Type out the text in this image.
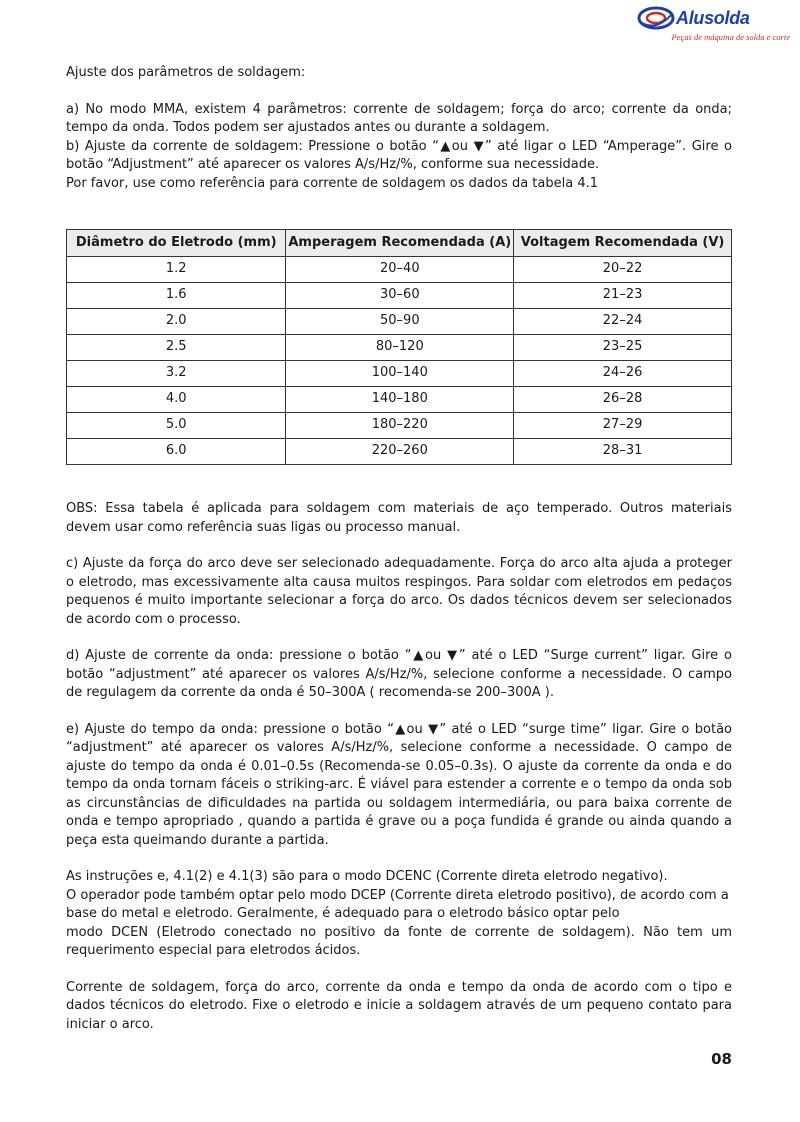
Alusolda
Peças de máquina de solda e corte

Ajuste dos parâmetros de soldagem:

a) No modo MMA, existem 4 parâmetros: corrente de soldagem; força do arco; corrente da onda; tempo da onda. Todos podem ser ajustados antes ou durante a soldagem.

b) Ajuste da corrente de soldagem: Pressione o botão “▲ou ▼” até ligar o LED “Amperage”. Gire o botão “Adjustment” até aparecer os valores A/s/Hz/%, conforme sua necessidade.

Por favor, use como referência para corrente de soldagem os dados da tabela 4.1

Diâmetro do Eletrodo (mm)	Amperagem Recomendada (A)	Voltagem Recomendada (V)
1.2	20–40	20–22
1.6	30–60	21–23
2.0	50–90	22–24
2.5	80–120	23–25
3.2	100–140	24–26
4.0	140–180	26–28
5.0	180–220	27–29
6.0	220–260	28–31

OBS: Essa tabela é aplicada para soldagem com materiais de aço temperado. Outros materiais devem usar como referência suas ligas ou processo manual.

c) Ajuste da força do arco deve ser selecionado adequadamente. Força do arco alta ajuda a proteger o eletrodo, mas excessivamente alta causa muitos respingos. Para soldar com eletrodos em pedaços pequenos é muito importante selecionar a força do arco. Os dados técnicos devem ser selecionados de acordo com o processo.

d) Ajuste de corrente da onda: pressione o botão “▲ou ▼” até o LED “Surge current” ligar. Gire o botão “adjustment” até aparecer os valores A/s/Hz/%, selecione conforme a necessidade. O campo de regulagem da corrente da onda é 50–300A ( recomenda-se 200–300A ).

e) Ajuste do tempo da onda: pressione o botão “▲ou ▼” até o LED “surge time” ligar. Gire o botão “adjustment” até aparecer os valores A/s/Hz/%, selecione conforme a necessidade. O campo de ajuste do tempo da onda é 0.01–0.5s (Recomenda-se 0.05–0.3s). O ajuste da corrente da onda e do tempo da onda tornam fáceis o striking-arc. É viável para estender a corrente e o tempo da onda sob as circunstâncias de dificuldades na partida ou soldagem intermediária, ou para baixa corrente de onda e tempo apropriado , quando a partida é grave ou a poça fundida é grande ou ainda quando a peça esta queimando durante a partida.

As instruções e, 4.1(2) e 4.1(3) são para o modo DCENC (Corrente direta eletrodo negativo).

O operador pode também optar pelo modo DCEP (Corrente direta eletrodo positivo), de acordo com a base do metal e eletrodo. Geralmente, é adequado para o eletrodo básico optar pelo

modo DCEN (Eletrodo conectado no positivo da fonte de corrente de soldagem). Não tem um requerimento especial para eletrodos ácidos.

Corrente de soldagem, força do arco, corrente da onda e tempo da onda de acordo com o tipo e dados técnicos do eletrodo. Fixe o eletrodo e inicie a soldagem através de um pequeno contato para iniciar o arco.

08
